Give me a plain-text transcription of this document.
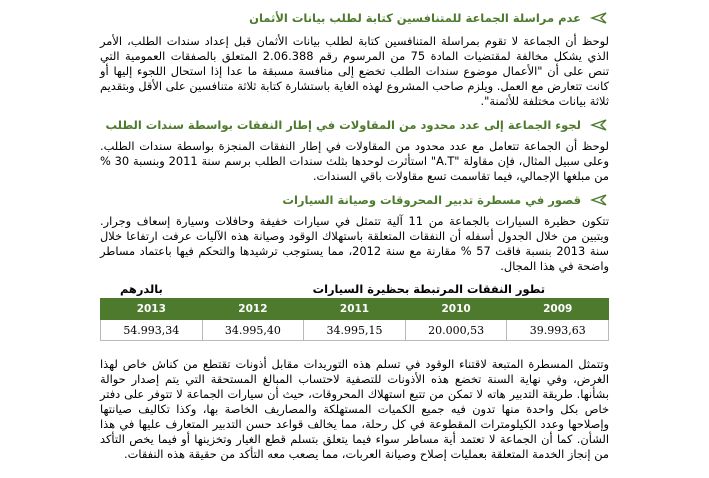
عدم مراسلة الجماعة للمتنافسين كتابة لطلب بيانات الأثمان

لوحظ أن الجماعة لا تقوم بمراسلة المتنافسين كتابة لطلب بيانات الأثمان قبل إعداد سندات الطلب، الأمر الذي يشكل مخالفة لمقتضيات المادة 75 من المرسوم رقم 2.06.388 المتعلق بالصفقات العمومية التي تنص على أن "الأعمال موضوع سندات الطلب تخضع إلى منافسة مسبقة ما عدا إذا استحال اللجوء إليها أو كانت تتعارض مع العمل. ويلزم صاحب المشروع لهذه الغاية باستشارة كتابة ثلاثة متنافسين على الأقل وبتقديم ثلاثة بيانات مختلفة للأثمنة".

لجوء الجماعة إلى عدد محدود من المقاولات في إطار النفقات بواسطة سندات الطلب

لوحظ أن الجماعة تتعامل مع عدد محدود من المقاولات في إطار النفقات المنجزة بواسطة سندات الطلب. وعلى سبيل المثال، فإن مقاولة "A.T" استأثرت لوحدها بثلث سندات الطلب برسم سنة 2011 وبنسبة 30 % من مبلغها الإجمالي، فيما تقاسمت تسع مقاولات باقي السندات.

قصور في مسطرة تدبير المحروقات وصيانة السيارات

تتكون حظيرة السيارات بالجماعة من 11 آلية تتمثل في سيارات خفيفة وحافلات وسيارة إسعاف وجرار. ويتبين من خلال الجدول أسفله أن النفقات المتعلقة باستهلاك الوقود وصيانة هذه الآليات عرفت ارتفاعا خلال سنة 2013 بنسبة فاقت 57 % مقارنة مع سنة 2012، مما يستوجب ترشيدها والتحكم فيها باعتماد مساطر واضحة في هذا المجال.

تطور النفقات المرتبطة بحظيرة السيارات
بالدرهم
2009	2010	2011	2012	2013
39.993,63	20.000,53	34.995,15	34.995,40	54.993,34

وتتمثل المسطرة المتبعة لاقتناء الوقود في تسلم هذه التوريدات مقابل أذونات تقتطع من كناش خاص لهذا الغرض، وفي نهاية السنة تخضع هذه الأذونات للتصفية لاحتساب المبالغ المستحقة التي يتم إصدار حوالة بشأنها. طريقة التدبير هاته لا تمكن من تتبع استهلاك المحروقات، حيث أن سيارات الجماعة لا تتوفر على دفتر خاص بكل واحدة منها تدون فيه جميع الكميات المستهلكة والمصاريف الخاصة بها، وكذا تكاليف صيانتها وإصلاحها وعدد الكيلومترات المقطوعة في كل رحلة، مما يخالف قواعد حسن التدبير المتعارف عليها في هذا الشأن. كما أن الجماعة لا تعتمد أية مساطر سواء فيما يتعلق بتسلم قطع الغيار وتخزينها أو فيما يخص التأكد من إنجاز الخدمة المتعلقة بعمليات إصلاح وصيانة العربات، مما يصعب معه التأكد من حقيقة هذه النفقات.
